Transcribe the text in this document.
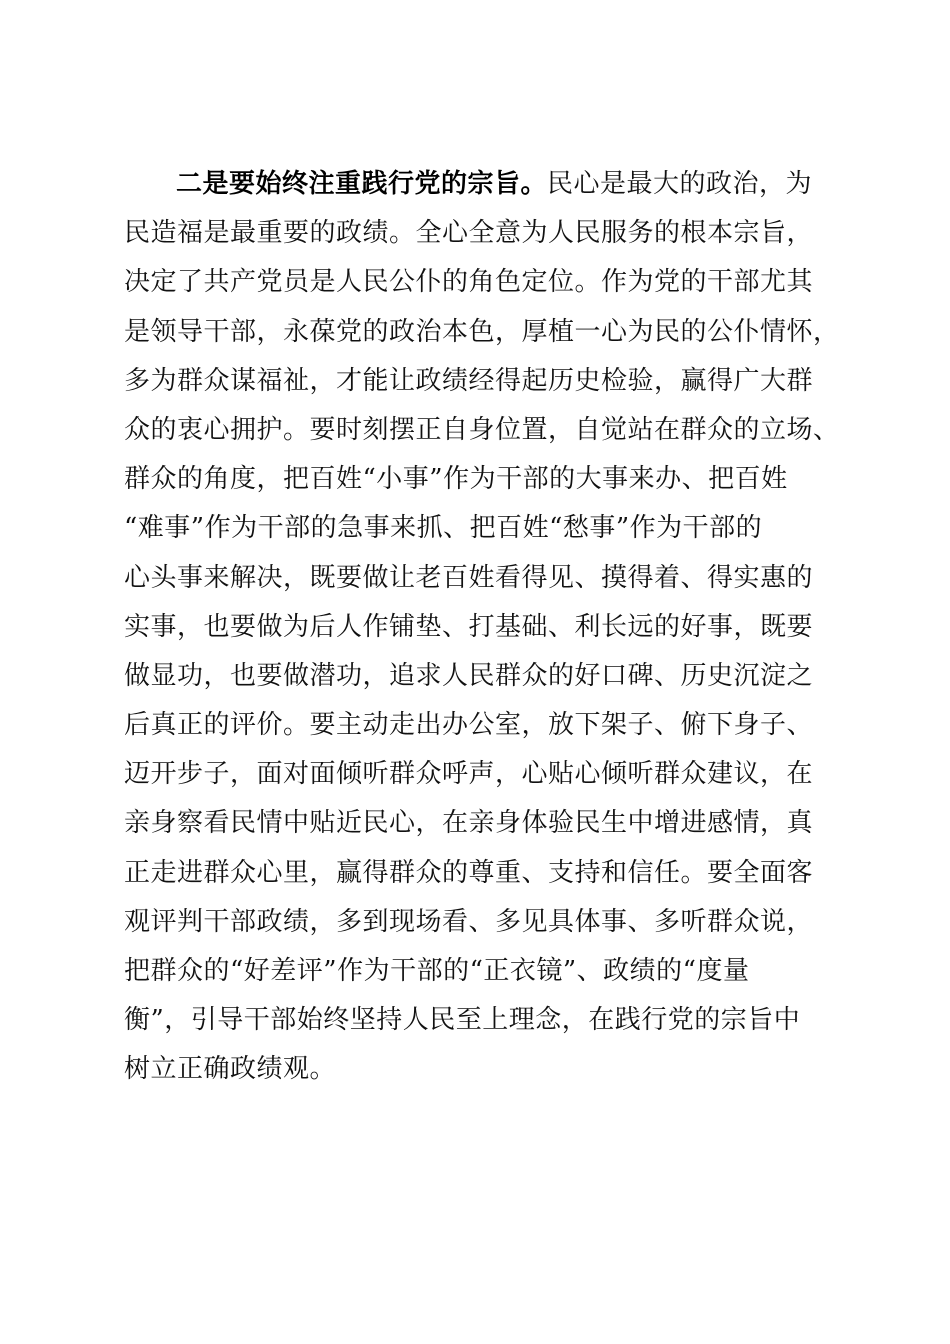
二是要始终注重践行党的宗旨。民心是最大的政治，为
民造福是最重要的政绩。全心全意为人民服务的根本宗旨，
决定了共产党员是人民公仆的角色定位。作为党的干部尤其
是领导干部，永葆党的政治本色，厚植一心为民的公仆情怀，
多为群众谋福祉，才能让政绩经得起历史检验，赢得广大群
众的衷心拥护。要时刻摆正自身位置，自觉站在群众的立场、
群众的角度，把百姓“小事”作为干部的大事来办、把百姓
“难事”作为干部的急事来抓、把百姓“愁事”作为干部的
心头事来解决，既要做让老百姓看得见、摸得着、得实惠的
实事，也要做为后人作铺垫、打基础、利长远的好事，既要
做显功，也要做潜功，追求人民群众的好口碑、历史沉淀之
后真正的评价。要主动走出办公室，放下架子、俯下身子、
迈开步子，面对面倾听群众呼声，心贴心倾听群众建议，在
亲身察看民情中贴近民心，在亲身体验民生中增进感情，真
正走进群众心里，赢得群众的尊重、支持和信任。要全面客
观评判干部政绩，多到现场看、多见具体事、多听群众说，
把群众的“好差评”作为干部的“正衣镜”、政绩的“度量
衡”，引导干部始终坚持人民至上理念，在践行党的宗旨中
树立正确政绩观。
